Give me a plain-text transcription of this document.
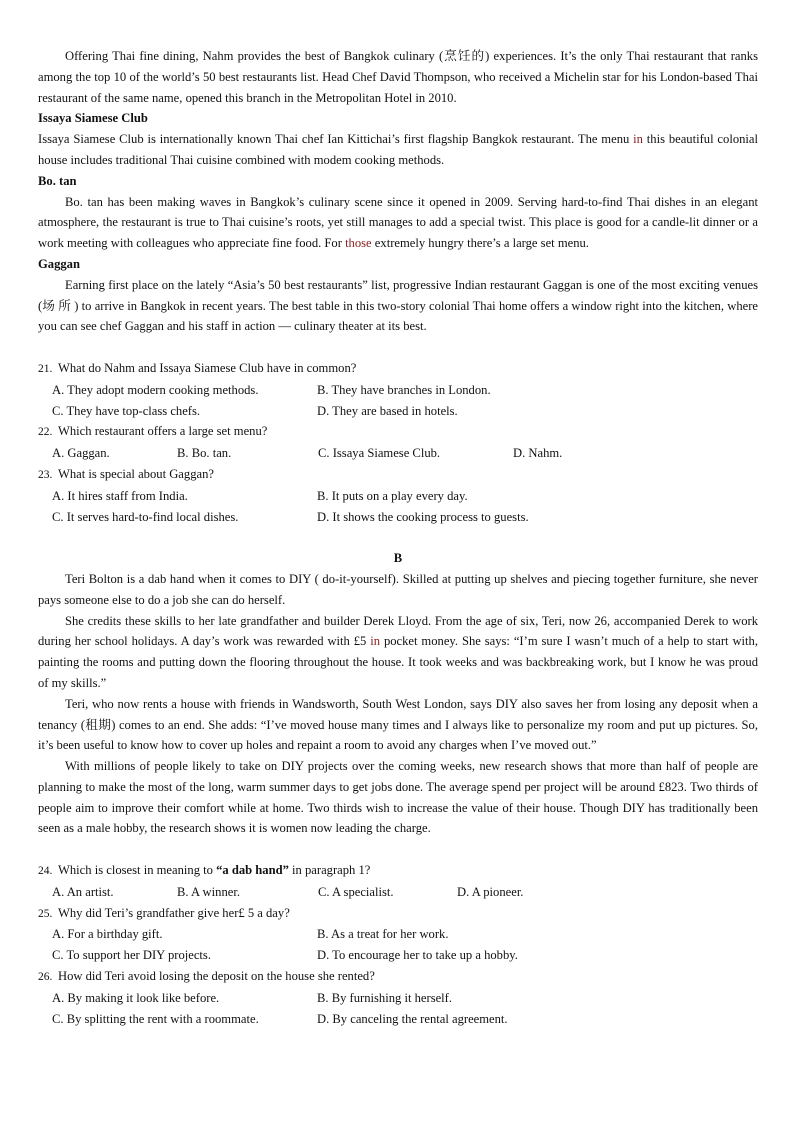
Offering Thai fine dining, Nahm provides the best of Bangkok culinary (烹饪的) experiences. It’s the only Thai restaurant that ranks among the top 10 of the world’s 50 best restaurants list. Head Chef David Thompson, who received a Michelin star for his London-based Thai restaurant of the same name, opened this branch in the Metropolitan Hotel in 2010.

Issaya Siamese Club

Issaya Siamese Club is internationally known Thai chef Ian Kittichai’s first flagship Bangkok restaurant. The menu in this beautiful colonial house includes traditional Thai cuisine combined with modem cooking methods.

Bo. tan

Bo. tan has been making waves in Bangkok’s culinary scene since it opened in 2009. Serving hard-to-find Thai dishes in an elegant atmosphere, the restaurant is true to Thai cuisine’s roots, yet still manages to add a special twist. This place is good for a candle-lit dinner or a work meeting with colleagues who appreciate fine food. For those extremely hungry there’s a large set menu.

Gaggan

Earning first place on the lately “Asia’s 50 best restaurants” list, progressive Indian restaurant Gaggan is one of the most exciting venues (场 所 ) to arrive in Bangkok in recent years. The best table in this two-story colonial Thai home offers a window right into the kitchen, where you can see chef Gaggan and his staff in action — culinary theater at its best.

21. What do Nahm and Issaya Siamese Club have in common?

A. They adopt modern cooking methods.	B. They have branches in London.
C. They have top-class chefs.	D. They are based in hotels.

22. Which restaurant offers a large set menu?

A. Gaggan.	B. Bo. tan.	C. Issaya Siamese Club.	D. Nahm.

23. What is special about Gaggan?

A. It hires staff from India.	B. It puts on a play every day.
C. It serves hard-to-find local dishes.	D. It shows the cooking process to guests.

B

Teri Bolton is a dab hand when it comes to DIY ( do-it-yourself). Skilled at putting up shelves and piecing together furniture, she never pays someone else to do a job she can do herself.

She credits these skills to her late grandfather and builder Derek Lloyd. From the age of six, Teri, now 26, accompanied Derek to work during her school holidays. A day’s work was rewarded with £5 in pocket money. She says: “I’m sure I wasn’t much of a help to start with, painting the rooms and putting down the flooring throughout the house. It took weeks and was backbreaking work, but I know he was proud of my skills.”

Teri, who now rents a house with friends in Wandsworth, South West London, says DIY also saves her from losing any deposit when a tenancy (租期) comes to an end. She adds: “I’ve moved house many times and I always like to personalize my room and put up pictures. So, it’s been useful to know how to cover up holes and repaint a room to avoid any charges when I’ve moved out.”

With millions of people likely to take on DIY projects over the coming weeks, new research shows that more than half of people are planning to make the most of the long, warm summer days to get jobs done. The average spend per project will be around £823. Two thirds of people aim to improve their comfort while at home. Two thirds wish to increase the value of their house. Though DIY has traditionally been seen as a male hobby, the research shows it is women now leading the charge.

24. Which is closest in meaning to “a dab hand” in paragraph 1?

A. An artist.	B. A winner.	C. A specialist.	D. A pioneer.

25. Why did Teri’s grandfather give her£ 5 a day?

A. For a birthday gift.	B. As a treat for her work.
C. To support her DIY projects.	D. To encourage her to take up a hobby.

26. How did Teri avoid losing the deposit on the house she rented?

A. By making it look like before.	B. By furnishing it herself.
C. By splitting the rent with a roommate.	D. By canceling the rental agreement.
